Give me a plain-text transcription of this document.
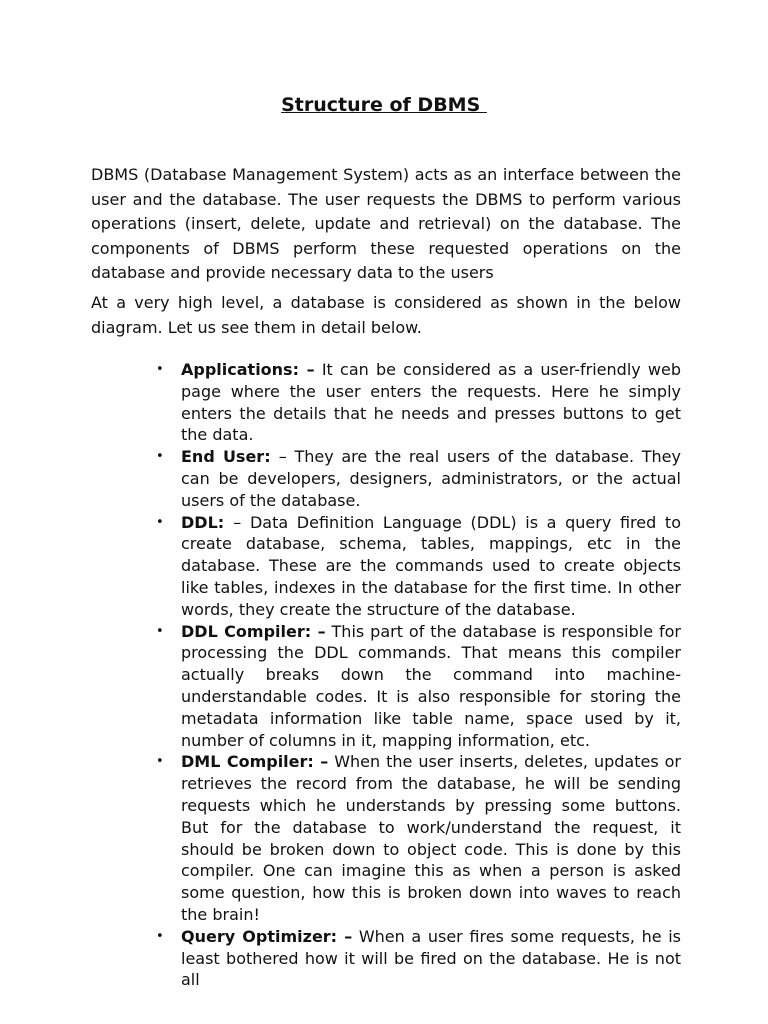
Structure of DBMS

DBMS (Database Management System) acts as an interface between the user and the database. The user requests the DBMS to perform various operations (insert, delete, update and retrieval) on the database. The components of DBMS perform these requested operations on the database and provide necessary data to the users

At a very high level, a database is considered as shown in the below diagram. Let us see them in detail below.

• Applications: – It can be considered as a user-friendly web page where the user enters the requests. Here he simply enters the details that he needs and presses buttons to get the data.
• End User: – They are the real users of the database. They can be developers, designers, administrators, or the actual users of the database.
• DDL: – Data Definition Language (DDL) is a query fired to create database, schema, tables, mappings, etc in the database. These are the commands used to create objects like tables, indexes in the database for the first time. In other words, they create the structure of the database.
• DDL Compiler: – This part of the database is responsible for processing the DDL commands. That means this compiler actually breaks down the command into machine-understandable codes. It is also responsible for storing the metadata information like table name, space used by it, number of columns in it, mapping information, etc.
• DML Compiler: – When the user inserts, deletes, updates or retrieves the record from the database, he will be sending requests which he understands by pressing some buttons. But for the database to work/understand the request, it should be broken down to object code. This is done by this compiler. One can imagine this as when a person is asked some question, how this is broken down into waves to reach the brain!
• Query Optimizer: – When a user fires some requests, he is least bothered how it will be fired on the database. He is not all
